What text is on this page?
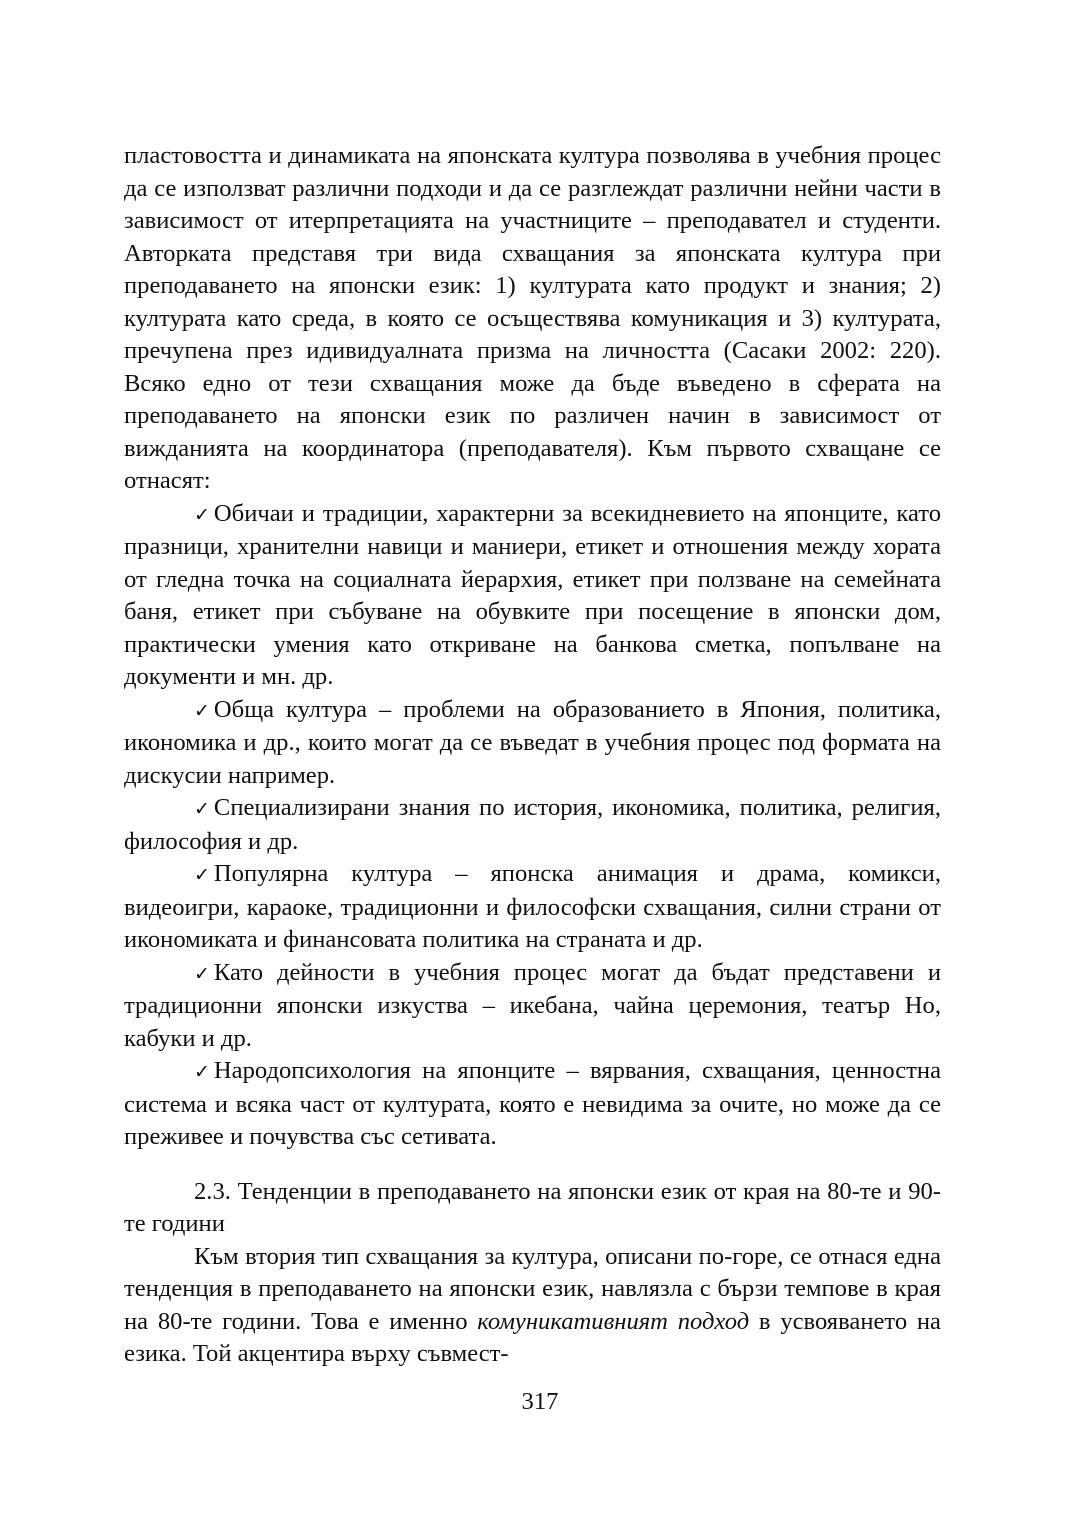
пластовостта и динамиката на японската култура позволява в учебния процес да се използват различни подходи и да се разглеждат различни нейни части в зависимост от итерпретацията на участниците – преподавател и студенти. Авторката представя три вида схващания за японската култура при преподаването на японски език: 1) културата като продукт и знания; 2) културата като среда, в която се осъществява комуникация и 3) културата, пречупена през идивидуалната призма на личността (Сасаки 2002: 220). Всяко едно от тези схващания може да бъде въведено в сферата на преподаването на японски език по различен начин в зависимост от вижданията на координатора (преподавателя). Към първото схващане се отнасят:

✓ Обичаи и традиции, характерни за всекидневието на японците, като празници, хранителни навици и маниери, етикет и отношения между хората от гледна точка на социалната йерархия, етикет при ползване на семейната баня, етикет при събуване на обувките при посещение в японски дом, практически умения като откриване на банкова сметка, попълване на документи и мн. др.

✓ Обща култура – проблеми на образованието в Япония, политика, икономика и др., които могат да се въведат в учебния процес под формата на дискусии например.

✓ Специализирани знания по история, икономика, политика, религия, философия и др.

✓ Популярна култура – японска анимация и драма, комикси, видеоигри, караоке, традиционни и философски схващания, силни страни от икономиката и финансовата политика на страната и др.

✓ Като дейности в учебния процес могат да бъдат представени и традиционни японски изкуства – икебана, чайна церемония, театър Но, кабуки и др.

✓ Народопсихология на японците – вярвания, схващания, ценностна система и всяка част от културата, която е невидима за очите, но може да се преживее и почувства със сетивата.

2.3. Тенденции в преподаването на японски език от края на 80-те и 90-те години

Към втория тип схващания за култура, описани по-горе, се отнася една тенденция в преподаването на японски език, навлязла с бързи темпове в края на 80-те години. Това е именно комуникативният подход в усвояването на езика. Той акцентира върху съвмест-

317
